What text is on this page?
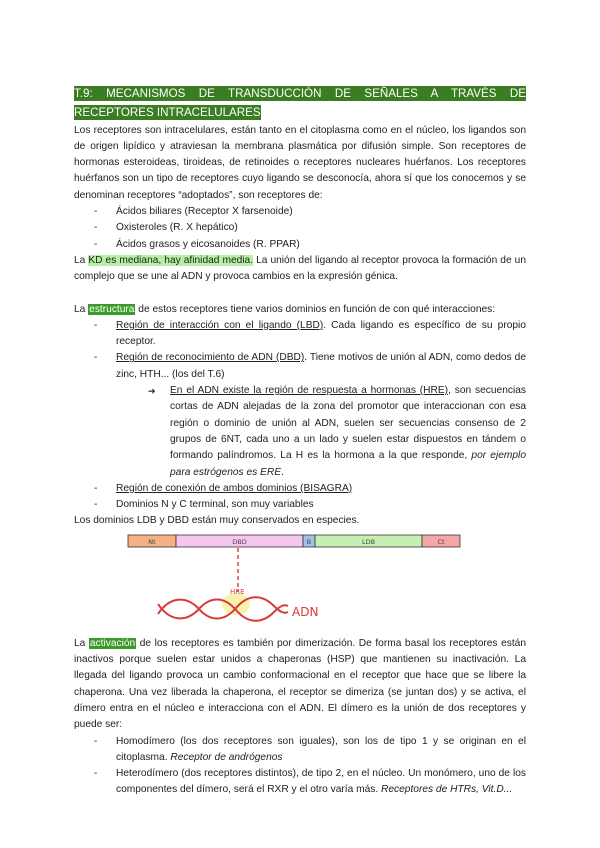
T.9: MECANISMOS DE TRANSDUCCIÓN DE SEÑALES A TRAVÉS DE RECEPTORES INTRACELULARES

Los receptores son intracelulares, están tanto en el citoplasma como en el núcleo, los ligandos son de origen lipídico y atraviesan la membrana plasmática por difusión simple. Son receptores de hormonas esteroideas, tiroideas, de retinoides o receptores nucleares huérfanos. Los receptores huérfanos son un tipo de receptores cuyo ligando se desconocía, ahora sí que los conocemos y se denominan receptores “adoptados”, son receptores de:

- Ácidos biliares (Receptor X farsenoide)
- Oxisteroles (R. X hepático)
- Ácidos grasos y eicosanoides (R. PPAR)

La KD es mediana, hay afinidad media. La unión del ligando al receptor provoca la formación de un complejo que se une al ADN y provoca cambios en la expresión génica.

La estructura de estos receptores tiene varios dominios en función de con qué interacciones:

- Región de interacción con el ligando (LBD). Cada ligando es específico de su propio receptor.
- Región de reconocimiento de ADN (DBD). Tiene motivos de unión al ADN, como dedos de zinc, HTH... (los del T.6)
➔ En el ADN existe la región de respuesta a hormonas (HRE), son secuencias cortas de ADN alejadas de la zona del promotor que interaccionan con esa región o dominio de unión al ADN, suelen ser secuencias consenso de 2 grupos de 6NT, cada uno a un lado y suelen estar dispuestos en tándem o formando palíndromos. La H es la hormona a la que responde, por ejemplo para estrógenos es ERE.
- Región de conexión de ambos dominios (BISAGRA)
- Dominios N y C terminal, son muy variables

Los dominios LDB y DBD están muy conservados en especies.

Nt	DBD	B	LDB	Ct
HRE
ADN

La activación de los receptores es también por dimerización. De forma basal los receptores están inactivos porque suelen estar unidos a chaperonas (HSP) que mantienen su inactivación. La llegada del ligando provoca un cambio conformacional en el receptor que hace que se libere la chaperona. Una vez liberada la chaperona, el receptor se dimeriza (se juntan dos) y se activa, el dímero entra en el núcleo e interacciona con el ADN. El dímero es la unión de dos receptores y puede ser:

- Homodímero (los dos receptores son iguales), son los de tipo 1 y se originan en el citoplasma. Receptor de andrógenos
- Heterodímero (dos receptores distintos), de tipo 2, en el núcleo. Un monómero, uno de los componentes del dímero, será el RXR y el otro varía más. Receptores de HTRs, Vit.D...
